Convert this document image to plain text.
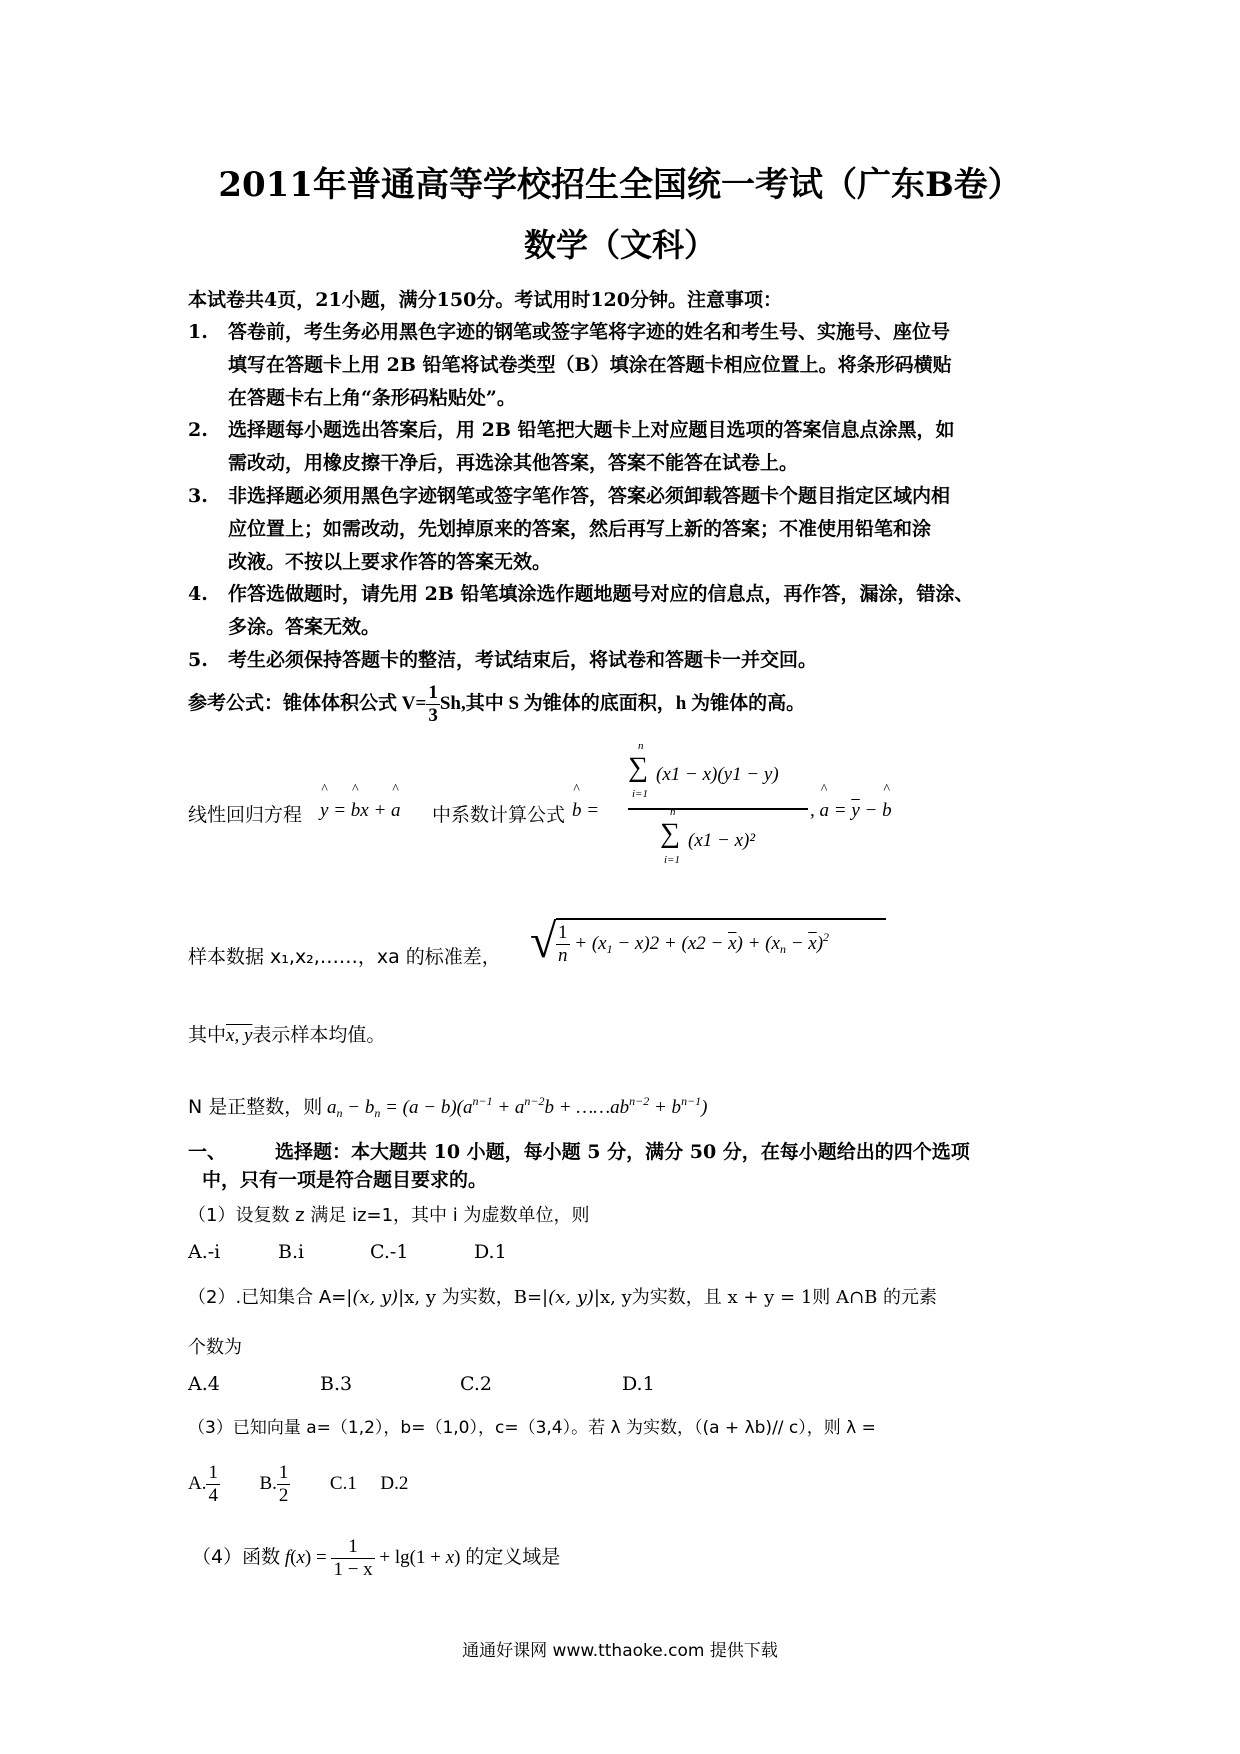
2011年普通高等学校招生全国统一考试（广东B卷）
数学（文科）
本试卷共4页，21小题，满分150分。考试用时120分钟。注意事项：
1. 答卷前，考生务必用黑色字迹的钢笔或签字笔将字迹的姓名和考生号、实施号、座位号
填写在答题卡上用 2B 铅笔将试卷类型（B）填涂在答题卡相应位置上。将条形码横贴
在答题卡右上角“条形码粘贴处”。
2. 选择题每小题选出答案后，用 2B 铅笔把大题卡上对应题目选项的答案信息点涂黑，如
需改动，用橡皮擦干净后，再选涂其他答案，答案不能答在试卷上。
3. 非选择题必须用黑色字迹钢笔或签字笔作答，答案必须卸载答题卡个题目指定区域内相
应位置上；如需改动，先划掉原来的答案，然后再写上新的答案；不准使用铅笔和涂
改液。不按以上要求作答的答案无效。
4. 作答选做题时，请先用 2B 铅笔填涂选作题地题号对应的信息点，再作答，漏涂，错涂、
多涂。答案无效。
5. 考生必须保持答题卡的整洁，考试结束后，将试卷和答题卡一并交回。
参考公式：锥体体积公式 $V= \frac{1}{3} Sh$,其中 S 为锥体的底面积，h 为锥体的高。
线性回归方程 ^ y = ^ bx + ^ a 中系数计算公式 ^ b =
∑
n
i=1
(x1 − x)(y1 − y)
∑
n
i=1
(x1 − x)²
, ^ $a = \overline{y}$ − ^ b
样本数据 x₁,x₂,……，xa 的标准差， √ $\frac{1}{n} + (x_1 - x)2 + (x2 - \overline{x}) + (x_n - \overline{x})^2$
其中x, y表示样本均值。
N 是正整数，则 $a_n - b_n = (a - b)(a^{n-1} + a^{n-2}b$ + $\dots\dots ab^{n-2} + b^{n-1}$)
一、	选择题：本大题共 10 小题，每小题 5 分，满分 50 分，在每小题给出的四个选项
中，只有一项是符合题目要求的。
（1）设复数 z 满足 iz=1，其中 i 为虚数单位，则
A.-i	B.i	C.-1	D.1
（2）.已知集合 A=|(x, y)|x, y 为实数，B=|(x, y)|x, y为实数，且 x + y = 1则 A∩B 的元素
个数为
A.4	B.3	C.2	D.1
（3）已知向量 a=（1,2），b=（1,0），c=（3,4）。若 λ 为实数，（(a + λb)// c），则 λ =
A. $\frac{1}{4} B$. $\frac{1}{2} C.1$ D.2
（4）函数 $f(x) = \frac{1}{1 - x} + \lg(1 + x)$ 的定义域是
通通好课网 www.tthaoke.com 提供下载
